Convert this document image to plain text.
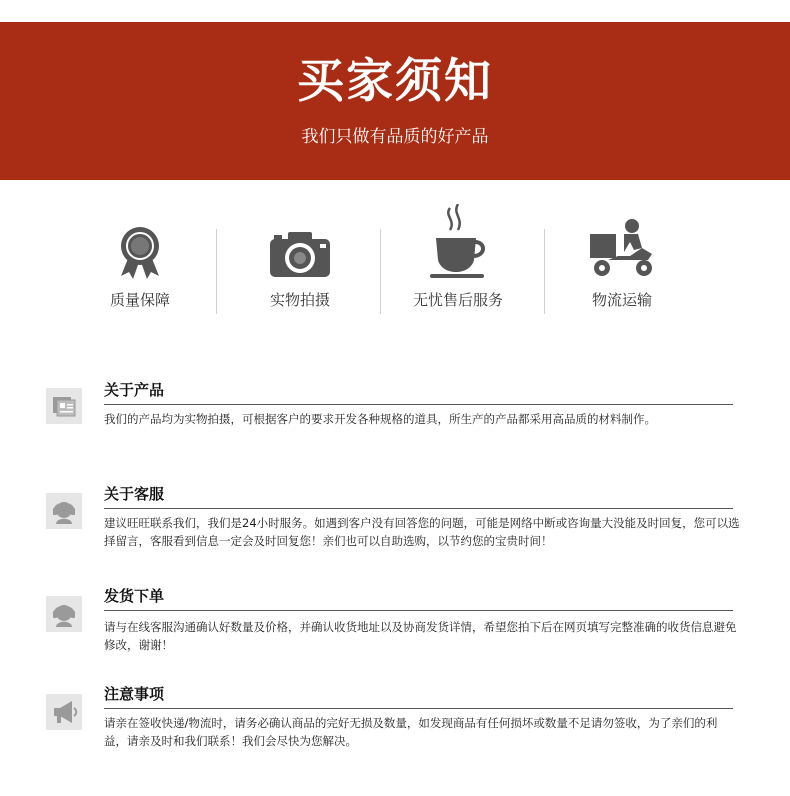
买家须知
我们只做有品质的好产品
质量保障	实物拍摄	无忧售后服务	物流运输
关于产品
我们的产品均为实物拍摄，可根据客户的要求开发各种规格的道具，所生产的产品都采用高品质的材料制作。
关于客服
建议旺旺联系我们，我们是24小时服务。如遇到客户没有回答您的问题，可能是网络中断或咨询量大没能及时回复，您可以选择留言，客服看到信息一定会及时回复您！亲们也可以自助选购，以节约您的宝贵时间！
发货下单
请与在线客服沟通确认好数量及价格，并确认收货地址以及协商发货详情，希望您拍下后在网页填写完整准确的收货信息避免修改，谢谢！
注意事项
请亲在签收快递/物流时，请务必确认商品的完好无损及数量，如发现商品有任何损坏或数量不足请勿签收，为了亲们的利益，请亲及时和我们联系！我们会尽快为您解决。
